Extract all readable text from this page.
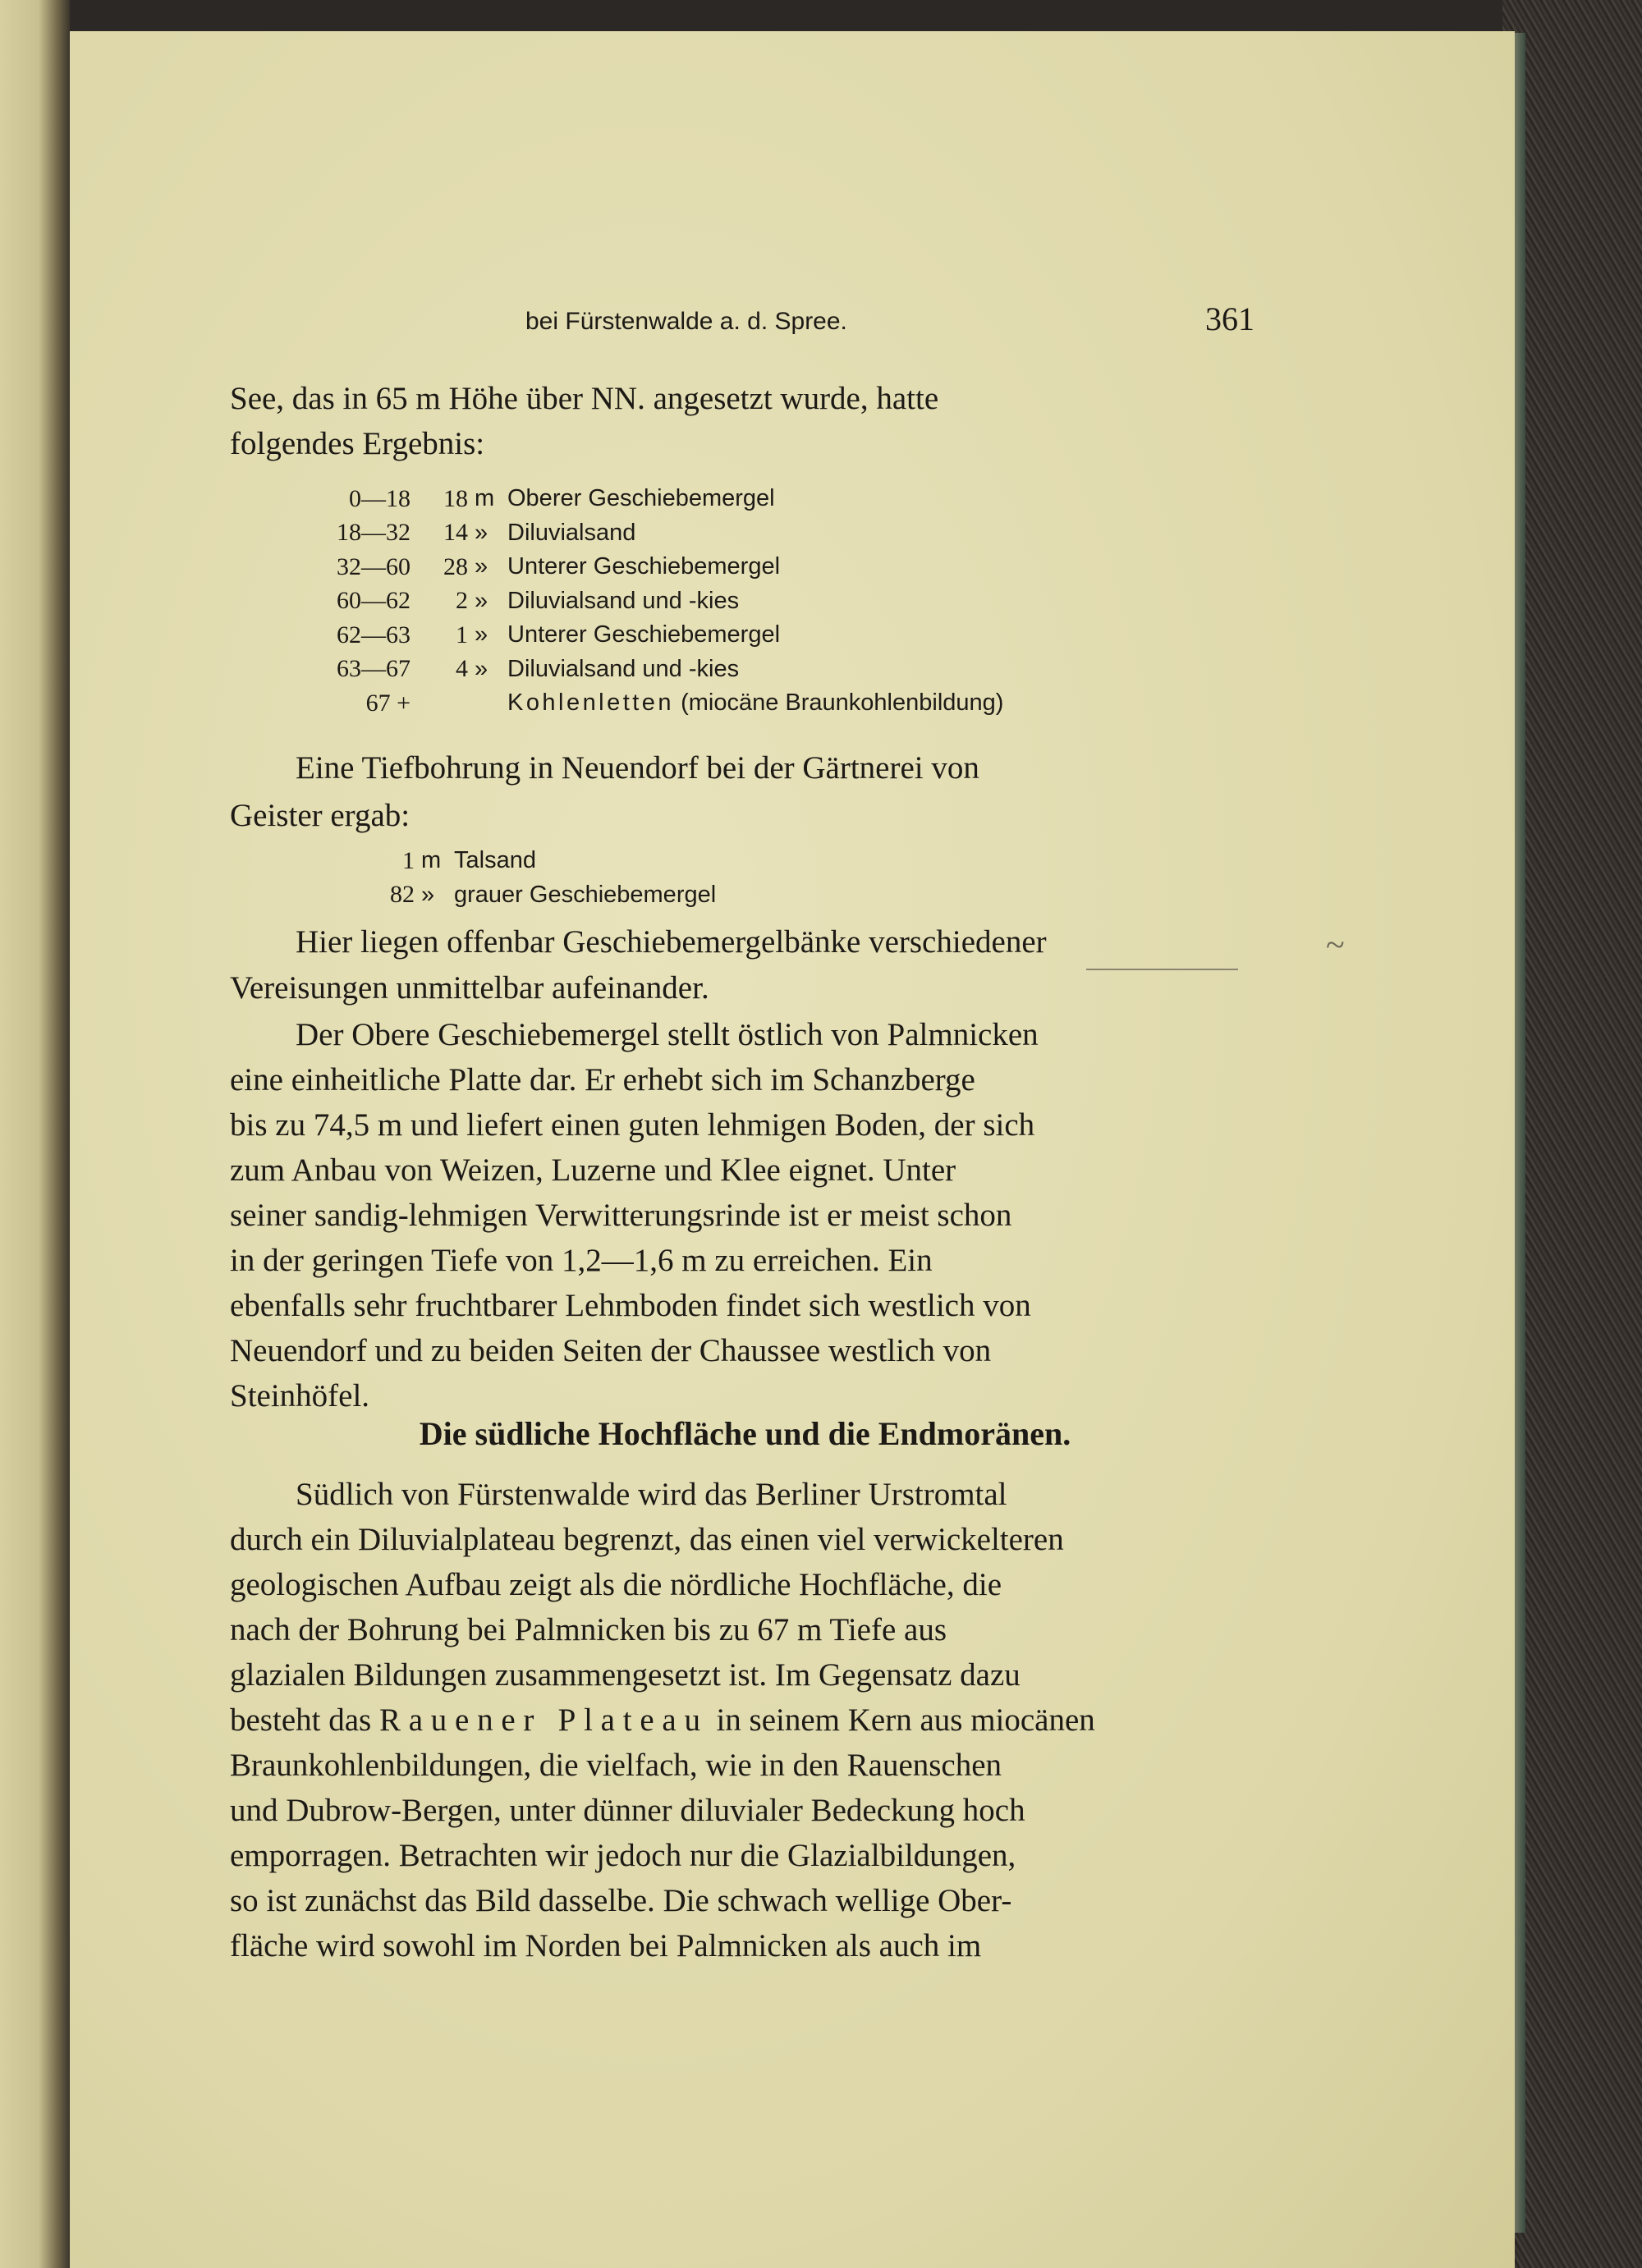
bei Fürstenwalde a. d. Spree.	361

See, das in 65 m Höhe über NN. angesetzt wurde, hatte

folgendes Ergebnis:

0—18	18	m	Oberer Geschiebemergel
18—32	14	»	Diluvialsand
32—60	28	»	Unterer Geschiebemergel
60—62	2	»	Diluvialsand und -kies
62—63	1	»	Unterer Geschiebemergel
63—67	4	»	Diluvialsand und -kies
67 +			Kohlenletten (miocäne Braunkohlenbildung)

Eine Tiefbohrung in Neuendorf bei der Gärtnerei von

Geister ergab:

1	m	Talsand
82	»	grauer Geschiebemergel

Hier liegen offenbar Geschiebemergelbänke verschiedener

Vereisungen unmittelbar aufeinander.

~

Der Obere Geschiebemergel stellt östlich von Palmnicken

eine einheitliche Platte dar. Er erhebt sich im Schanzberge

bis zu 74,5 m und liefert einen guten lehmigen Boden, der sich

zum Anbau von Weizen, Luzerne und Klee eignet. Unter

seiner sandig-lehmigen Verwitterungsrinde ist er meist schon

in der geringen Tiefe von 1,2—1,6 m zu erreichen. Ein

ebenfalls sehr fruchtbarer Lehmboden findet sich westlich von

Neuendorf und zu beiden Seiten der Chaussee westlich von

Steinhöfel.

Die südliche Hochfläche und die Endmoränen.

Südlich von Fürstenwalde wird das Berliner Urstromtal

durch ein Diluvialplateau begrenzt, das einen viel verwickelteren

geologischen Aufbau zeigt als die nördliche Hochfläche, die

nach der Bohrung bei Palmnicken bis zu 67 m Tiefe aus

glazialen Bildungen zusammengesetzt ist. Im Gegensatz dazu

besteht das Rauener Plateau in seinem Kern aus miocänen

Braunkohlenbildungen, die vielfach, wie in den Rauenschen

und Dubrow-Bergen, unter dünner diluvialer Bedeckung hoch

emporragen. Betrachten wir jedoch nur die Glazialbildungen,

so ist zunächst das Bild dasselbe. Die schwach wellige Ober-

fläche wird sowohl im Norden bei Palmnicken als auch im
